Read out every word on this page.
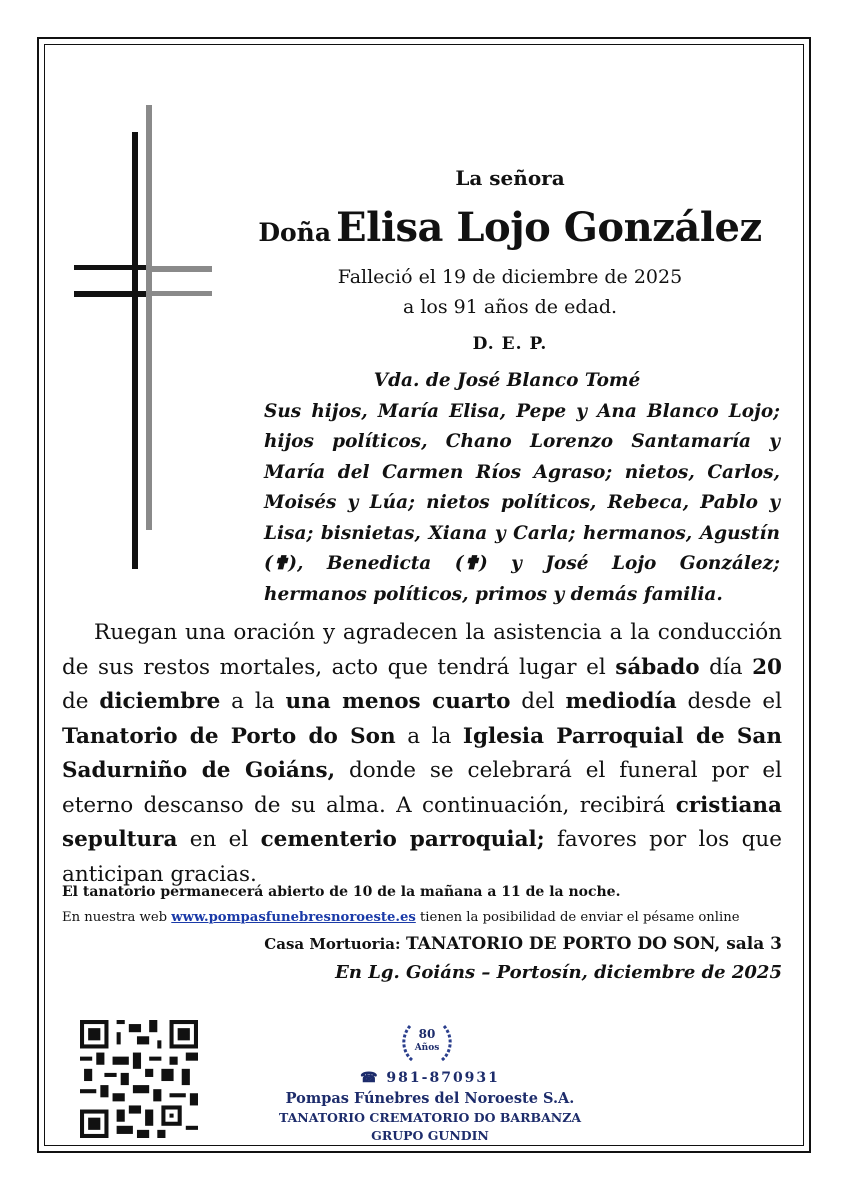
La señora
Doña Elisa Lojo González
Falleció el 19 de diciembre de 2025
a los 91 años de edad.
D. E. P.
Vda. de José Blanco Tomé
Sus hijos, María Elisa, Pepe y Ana Blanco Lojo; hijos políticos, Chano Lorenzo Santamaría y María del Carmen Ríos Agraso; nietos, Carlos, Moisés y Lúa; nietos políticos, Rebeca, Pablo y Lisa; bisnietas, Xiana y Carla; hermanos, Agustín (✟), Benedicta (✟) y José Lojo González; hermanos políticos, primos y demás familia.
Ruegan una oración y agradecen la asistencia a la conducción de sus restos mortales, acto que tendrá lugar el sábado día 20 de diciembre a la una menos cuarto del mediodía desde el Tanatorio de Porto do Son a la Iglesia Parroquial de San Sadurniño de Goiáns, donde se celebrará el funeral por el eterno descanso de su alma. A continuación, recibirá cristiana sepultura en el cementerio parroquial; favores por los que anticipan gracias.
El tanatorio permanecerá abierto de 10 de la mañana a 11 de la noche.
En nuestra web www.pompasfunebresnoroeste.es tienen la posibilidad de enviar el pésame online
Casa Mortuoria: TANATORIO DE PORTO DO SON, sala 3
En Lg. Goiáns – Portosín, diciembre de 2025
80
Años
☎ 981-870931
Pompas Fúnebres del Noroeste S.A.
TANATORIO CREMATORIO DO BARBANZA
GRUPO GUNDIN
